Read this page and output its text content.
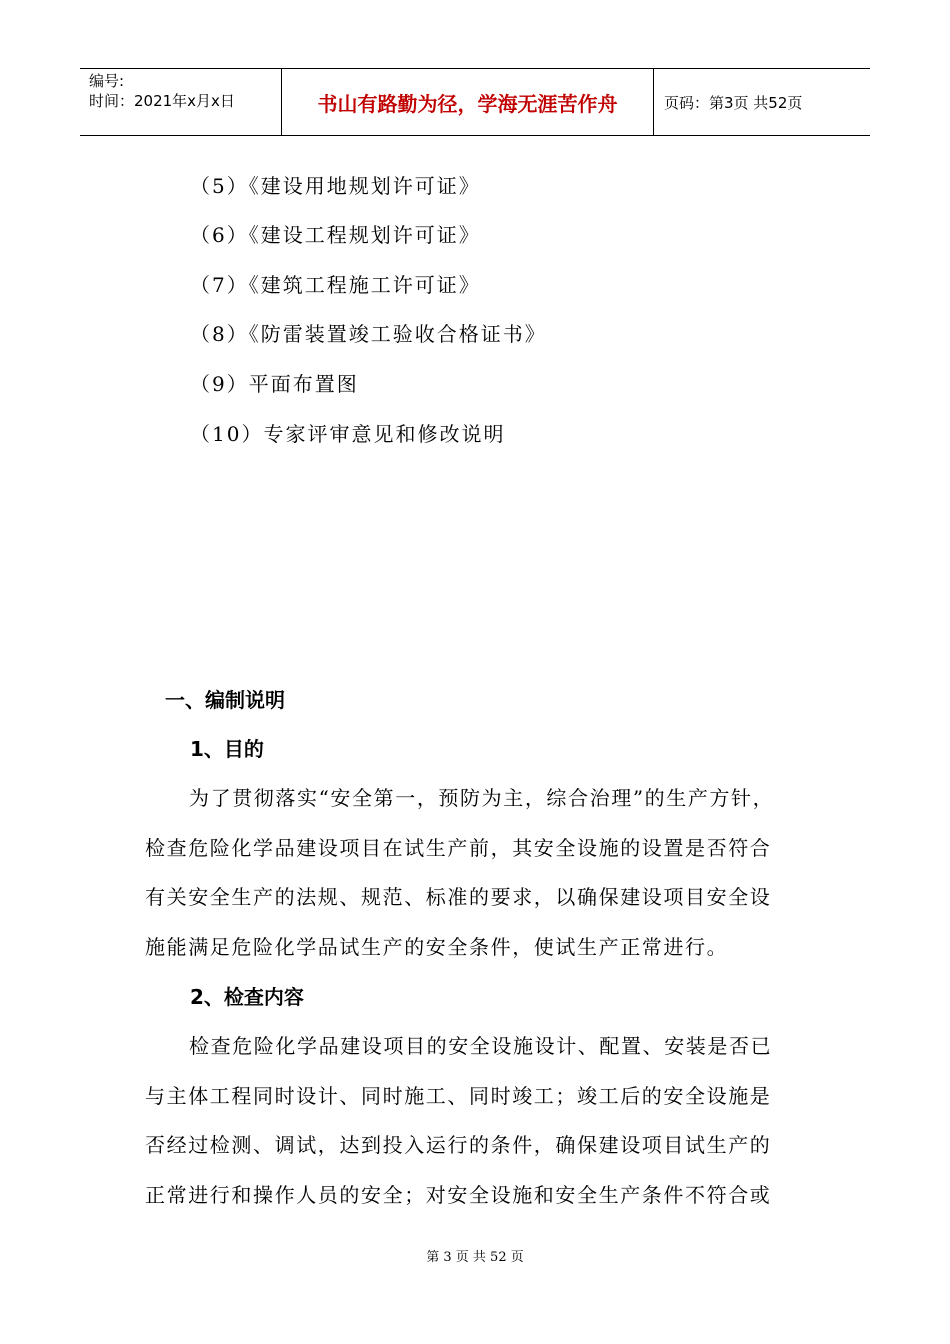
编号:
时间：2021年x月x日	书山有路勤为径，学海无涯苦作舟	页码：第3页 共52页
（5）《建设用地规划许可证》
（6）《建设工程规划许可证》
（7）《建筑工程施工许可证》
（8）《防雷装置竣工验收合格证书》
（9）平面布置图
（10）专家评审意见和修改说明
一、编制说明
1、目的
为了贯彻落实“安全第一，预防为主，综合治理”的生产方针，
检查危险化学品建设项目在试生产前，其安全设施的设置是否符合
有关安全生产的法规、规范、标准的要求，以确保建设项目安全设
施能满足危险化学品试生产的安全条件，使试生产正常进行。
2、检查内容
检查危险化学品建设项目的安全设施设计、配置、安装是否已
与主体工程同时设计、同时施工、同时竣工；竣工后的安全设施是
否经过检测、调试，达到投入运行的条件，确保建设项目试生产的
正常进行和操作人员的安全；对安全设施和安全生产条件不符合或
第 3 页 共 52 页
